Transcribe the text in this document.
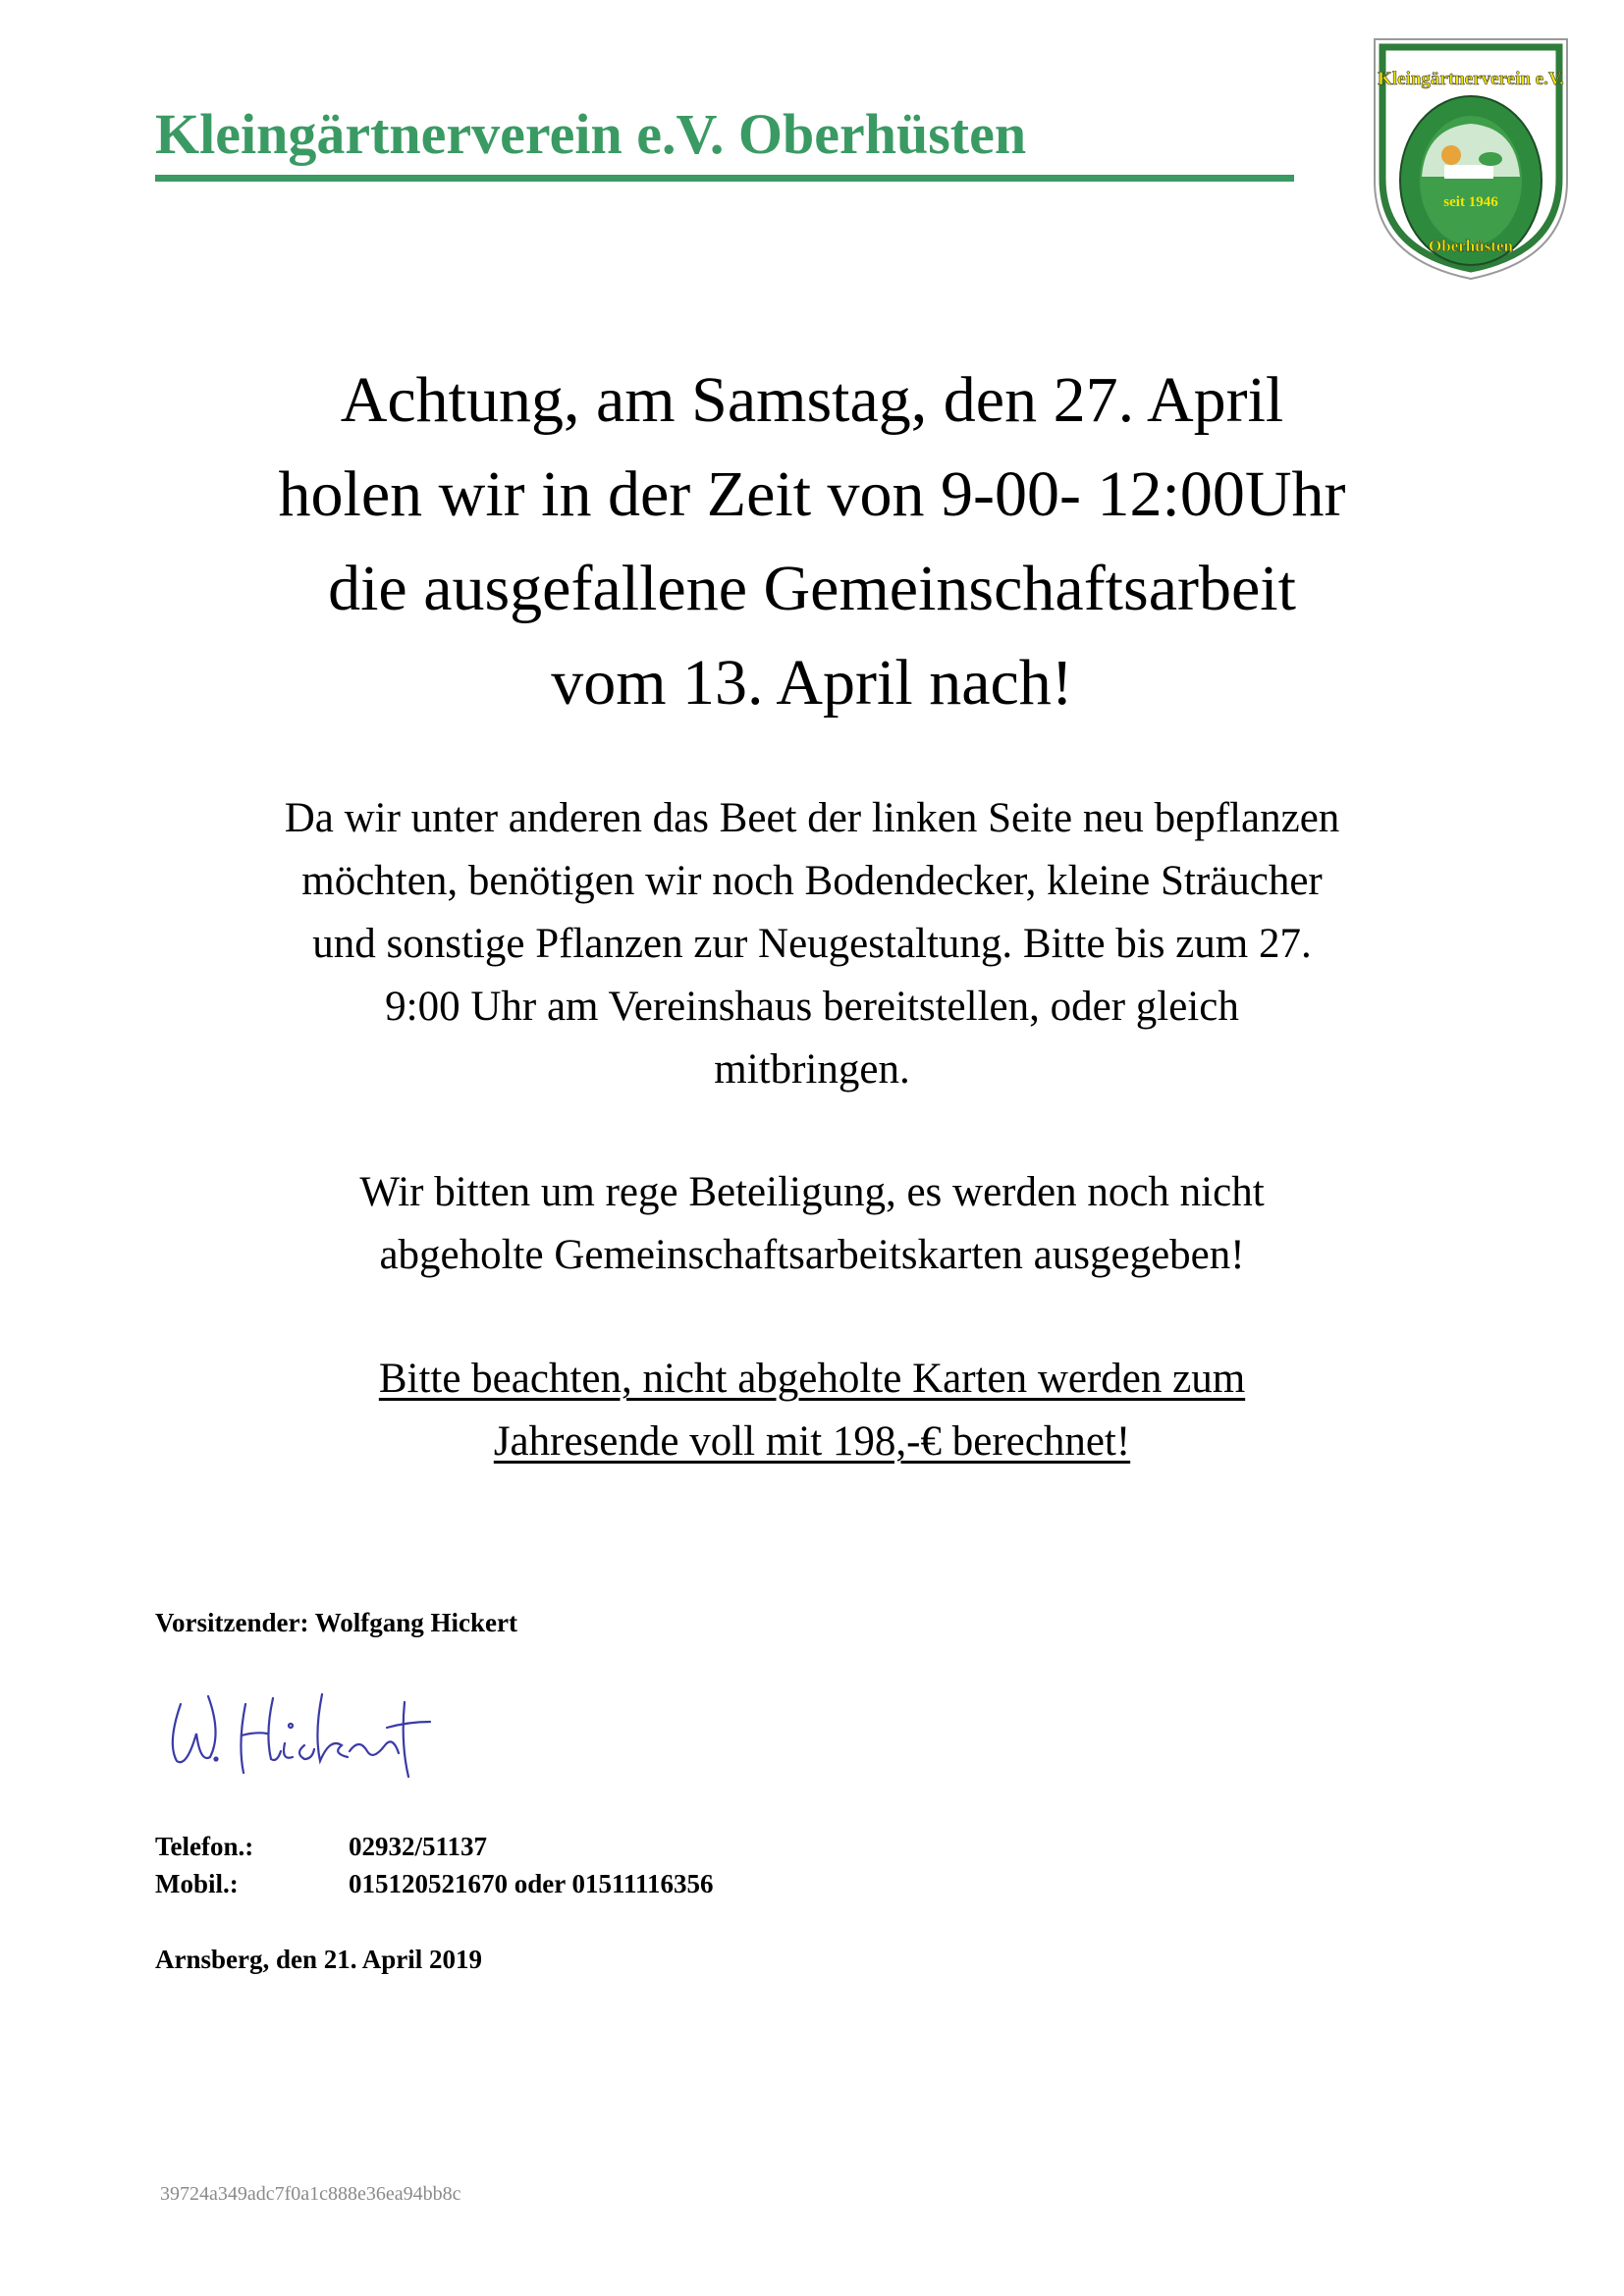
Kleingärtnerverein e.V. Oberhüsten
Kleingärtnerverein e.V.
seit 1946
Oberhüsten
Achtung, am Samstag, den 27. April
holen wir in der Zeit von 9-00- 12:00Uhr
die ausgefallene Gemeinschaftsarbeit
vom 13. April nach!
Da wir unter anderen das Beet der linken Seite neu bepflanzen
möchten, benötigen wir noch Bodendecker, kleine Sträucher
und sonstige Pflanzen zur Neugestaltung. Bitte bis zum 27.
9:00 Uhr am Vereinshaus bereitstellen, oder gleich
mitbringen.
Wir bitten um rege Beteiligung, es werden noch nicht
abgeholte Gemeinschaftsarbeitskarten ausgegeben!
Bitte beachten, nicht abgeholte Karten werden zum
Jahresende voll mit 198,-€ berechnet!
Vorsitzender: Wolfgang Hickert
Telefon.:	02932/51137
Mobil.:	015120521670 oder 01511116356
Arnsberg, den 21. April 2019
39724a349adc7f0a1c888e36ea94bb8c
